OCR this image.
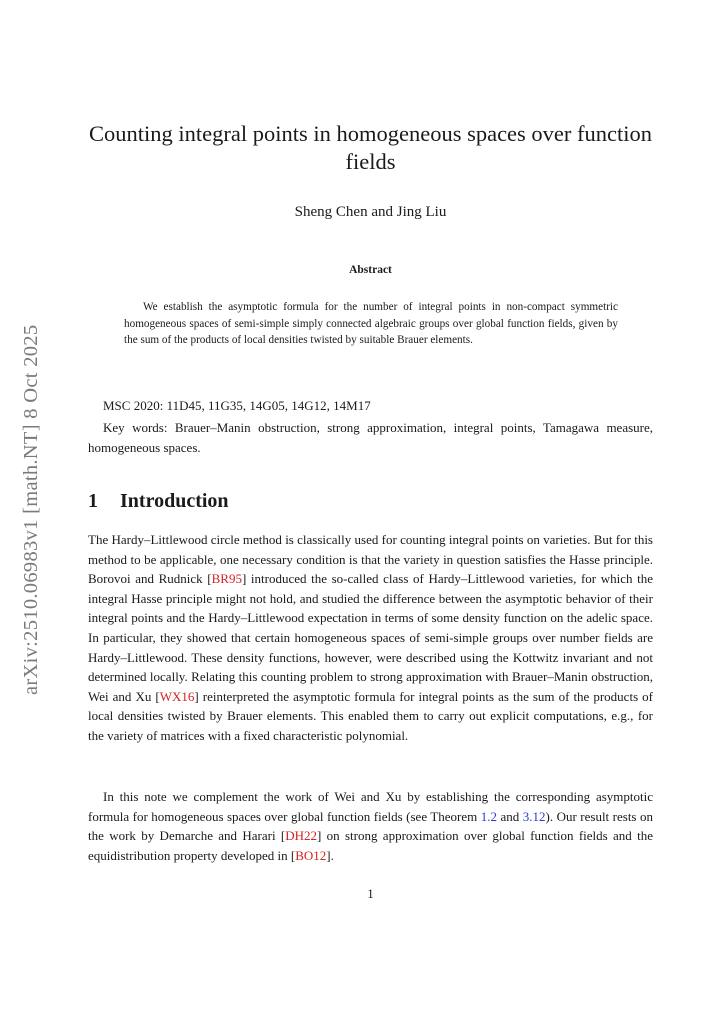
arXiv:2510.06983v1 [math.NT] 8 Oct 2025
Counting integral points in homogeneous spaces over function fields
Sheng Chen and Jing Liu
Abstract
We establish the asymptotic formula for the number of integral points in non-compact symmetric homogeneous spaces of semi-simple simply connected algebraic groups over global function fields, given by the sum of the products of local densities twisted by suitable Brauer elements.
MSC 2020: 11D45, 11G35, 14G05, 14G12, 14M17
Key words: Brauer–Manin obstruction, strong approximation, integral points, Tamagawa measure, homogeneous spaces.
1 Introduction
The Hardy–Littlewood circle method is classically used for counting integral points on varieties. But for this method to be applicable, one necessary condition is that the variety in question satisfies the Hasse principle. Borovoi and Rudnick [BR95] introduced the so-called class of Hardy–Littlewood varieties, for which the integral Hasse principle might not hold, and studied the difference between the asymptotic behavior of their integral points and the Hardy–Littlewood expectation in terms of some density function on the adelic space. In particular, they showed that certain homogeneous spaces of semi-simple groups over number fields are Hardy–Littlewood. These density functions, however, were described using the Kottwitz invariant and not determined locally. Relating this counting problem to strong approximation with Brauer–Manin obstruction, Wei and Xu [WX16] reinterpreted the asymptotic formula for integral points as the sum of the products of local densities twisted by Brauer elements. This enabled them to carry out explicit computations, e.g., for the variety of matrices with a fixed characteristic polynomial.
In this note we complement the work of Wei and Xu by establishing the corresponding asymptotic formula for homogeneous spaces over global function fields (see Theorem 1.2 and 3.12). Our result rests on the work by Demarche and Harari [DH22] on strong approximation over global function fields and the equidistribution property developed in [BO12].
1
